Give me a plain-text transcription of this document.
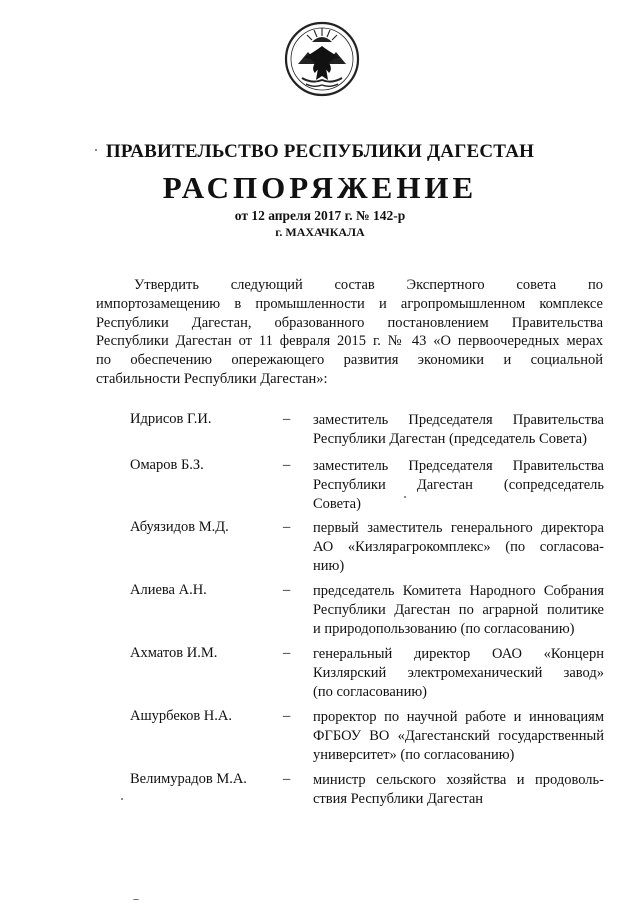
ПРАВИТЕЛЬСТВО РЕСПУБЛИКИ ДАГЕСТАН
РАСПОРЯЖЕНИЕ
от 12 апреля 2017 г. № 142-р
г. МАХАЧКАЛА
Утвердить следующий состав Экспертного совета по
импортозамещению в промышленности и агропромышленном комплексе
Республики Дагестан, образованного постановлением Правительства
Республики Дагестан от 11 февраля 2015 г. № 43 «О первоочередных мерах
по обеспечению опережающего развития экономики и социальной
стабильности Республики Дагестан»:
Идрисов Г.И.	– заместитель Председателя Правительства
Республики Дагестан (председатель Совета)
Омаров Б.З.	– заместитель Председателя Правительства
Республики Дагестан (сопредседатель
Совета)
Абуязидов М.Д.	– первый заместитель генерального директора
АО «Кизлярагрокомплекс» (по согласова-
нию)
Алиева А.Н.	– председатель Комитета Народного Собрания
Республики Дагестан по аграрной политике
и природопользованию (по согласованию)
Ахматов И.М.	– генеральный директор ОАО «Концерн
Кизлярский электромеханический завод»
(по согласованию)
Ашурбеков Н.А.	– проректор по научной работе и инновациям
ФГБОУ ВО «Дагестанский государственный
университет» (по согласованию)
Велимурадов М.А. – министр сельского хозяйства и продоволь-
ствия Республики Дагестан
